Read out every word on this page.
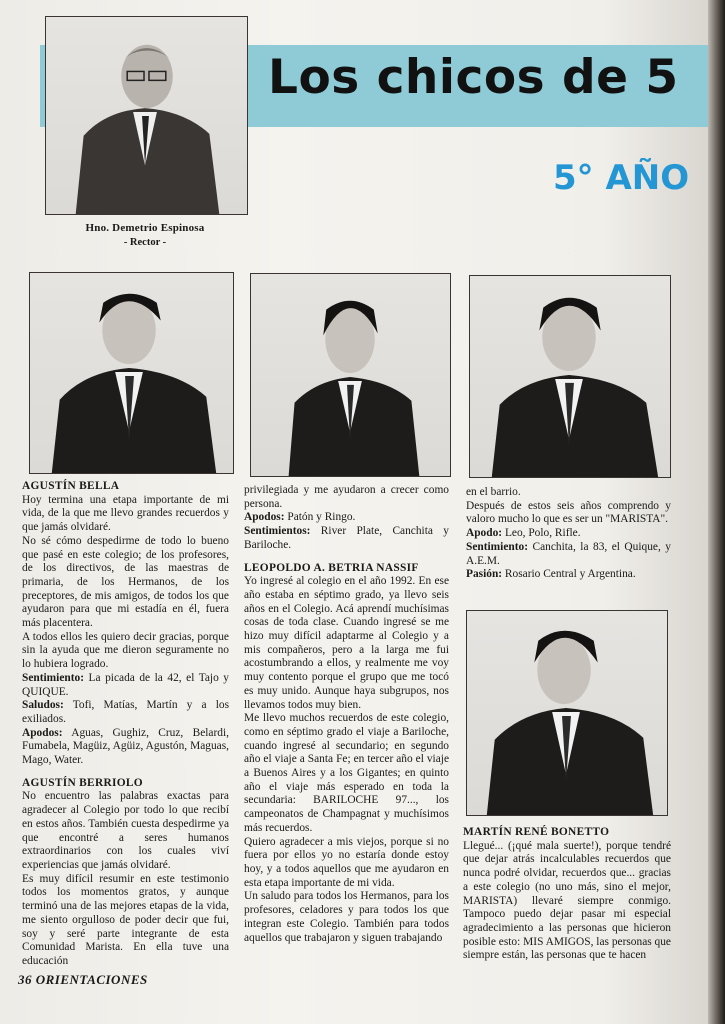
Los chicos de 5
5° AÑO
Hno. Demetrio Espinosa
- Rector -

AGUSTÍN BELLA

Hoy termina una etapa importante de mi vida, de la que me llevo grandes recuerdos y que jamás olvidaré.

No sé cómo despedirme de todo lo bueno que pasé en este colegio; de los profesores, de los directivos, de las maestras de primaria, de los Hermanos, de los preceptores, de mis amigos, de todos los que ayudaron para que mi estadía en él, fuera más placentera.

A todos ellos les quiero decir gracias, porque sin la ayuda que me dieron seguramente no lo hubiera logrado.

Sentimiento: La picada de la 42, el Tajo y QUIQUE.

Saludos: Tofi, Matías, Martín y a los exiliados.

Apodos: Aguas, Gughiz, Cruz, Belardi, Fumabela, Magüiz, Agüiz, Agustón, Maguas, Mago, Water.

AGUSTÍN BERRIOLO

No encuentro las palabras exactas para agradecer al Colegio por todo lo que recibí en estos años. También cuesta despedirme ya que encontré a seres humanos extraordinarios con los cuales viví experiencias que jamás olvidaré.

Es muy difícil resumir en este testimonio todos los momentos gratos, y aunque terminó una de las mejores etapas de la vida, me siento orgulloso de poder decir que fui, soy y seré parte integrante de esta Comunidad Marista. En ella tuve una educación

privilegiada y me ayudaron a crecer como persona.

Apodos: Patón y Ringo.

Sentimientos: River Plate, Canchita y Bariloche.

LEOPOLDO A. BETRIA NASSIF

Yo ingresé al colegio en el año 1992. En ese año estaba en séptimo grado, ya llevo seis años en el Colegio. Acá aprendí muchísimas cosas de toda clase. Cuando ingresé se me hizo muy difícil adaptarme al Colegio y a mis compañeros, pero a la larga me fui acostumbrando a ellos, y realmente me voy muy contento porque el grupo que me tocó es muy unido. Aunque haya subgrupos, nos llevamos todos muy bien.

Me llevo muchos recuerdos de este colegio, como en séptimo grado el viaje a Bariloche, cuando ingresé al secundario; en segundo año el viaje a Santa Fe; en tercer año el viaje a Buenos Aires y a los Gigantes; en quinto año el viaje más esperado en toda la secundaria: BARILOCHE 97..., los campeonatos de Champagnat y muchísimos más recuerdos.

Quiero agradecer a mis viejos, porque si no fuera por ellos yo no estaría donde estoy hoy, y a todos aquellos que me ayudaron en esta etapa importante de mi vida.

Un saludo para todos los Hermanos, para los profesores, celadores y para todos los que integran este Colegio. También para todos aquellos que trabajaron y siguen trabajando

en el barrio.

Después de estos seis años comprendo y valoro mucho lo que es ser un "MARISTA".

Apodo: Leo, Polo, Rifle.

Sentimiento: Canchita, la 83, el Quique, y A.E.M.

Pasión: Rosario Central y Argentina.

MARTÍN RENÉ BONETTO

Llegué... (¡qué mala suerte!), porque tendré que dejar atrás incalculables recuerdos que nunca podré olvidar, recuerdos que... gracias a este colegio (no uno más, sino el mejor, MARISTA) llevaré siempre conmigo. Tampoco puedo dejar pasar mi especial agradecimiento a las personas que hicieron posible esto: MIS AMIGOS, las personas que siempre están, las personas que te hacen

36 ORIENTACIONES
